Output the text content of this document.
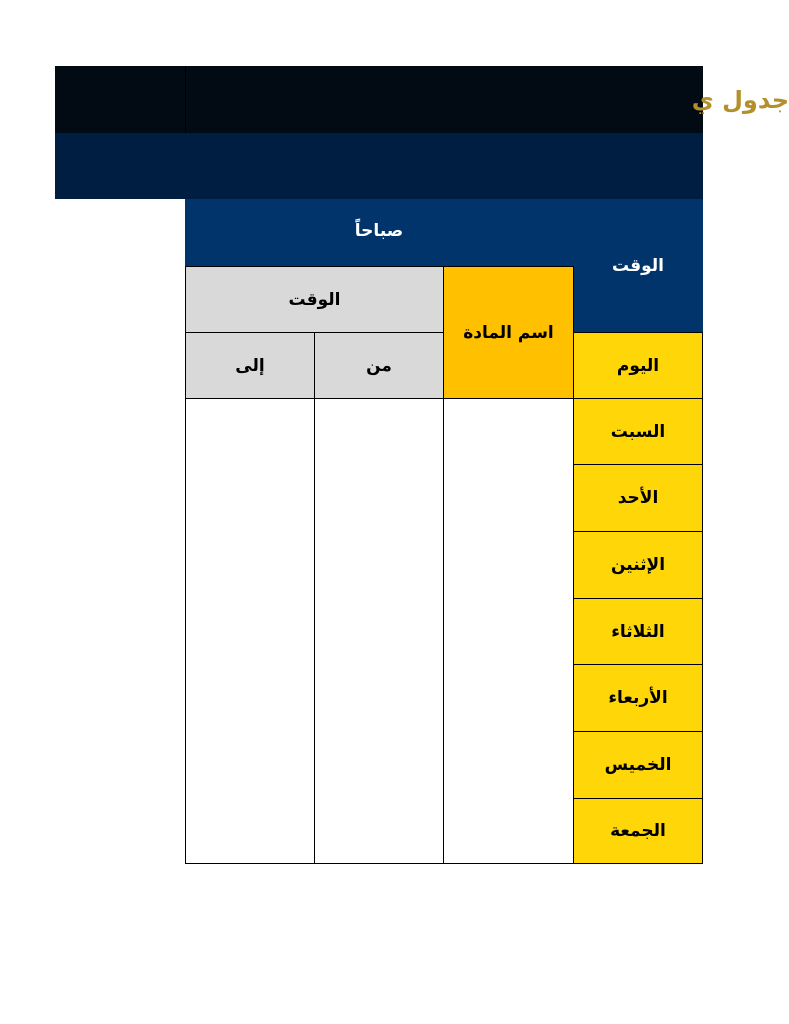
جدول ي
صباحاً
الوقت
الوقت
اسم المادة
إلى	من	اليوم
السبت
الأحد
الإثنين
الثلاثاء
الأربعاء
الخميس
الجمعة
